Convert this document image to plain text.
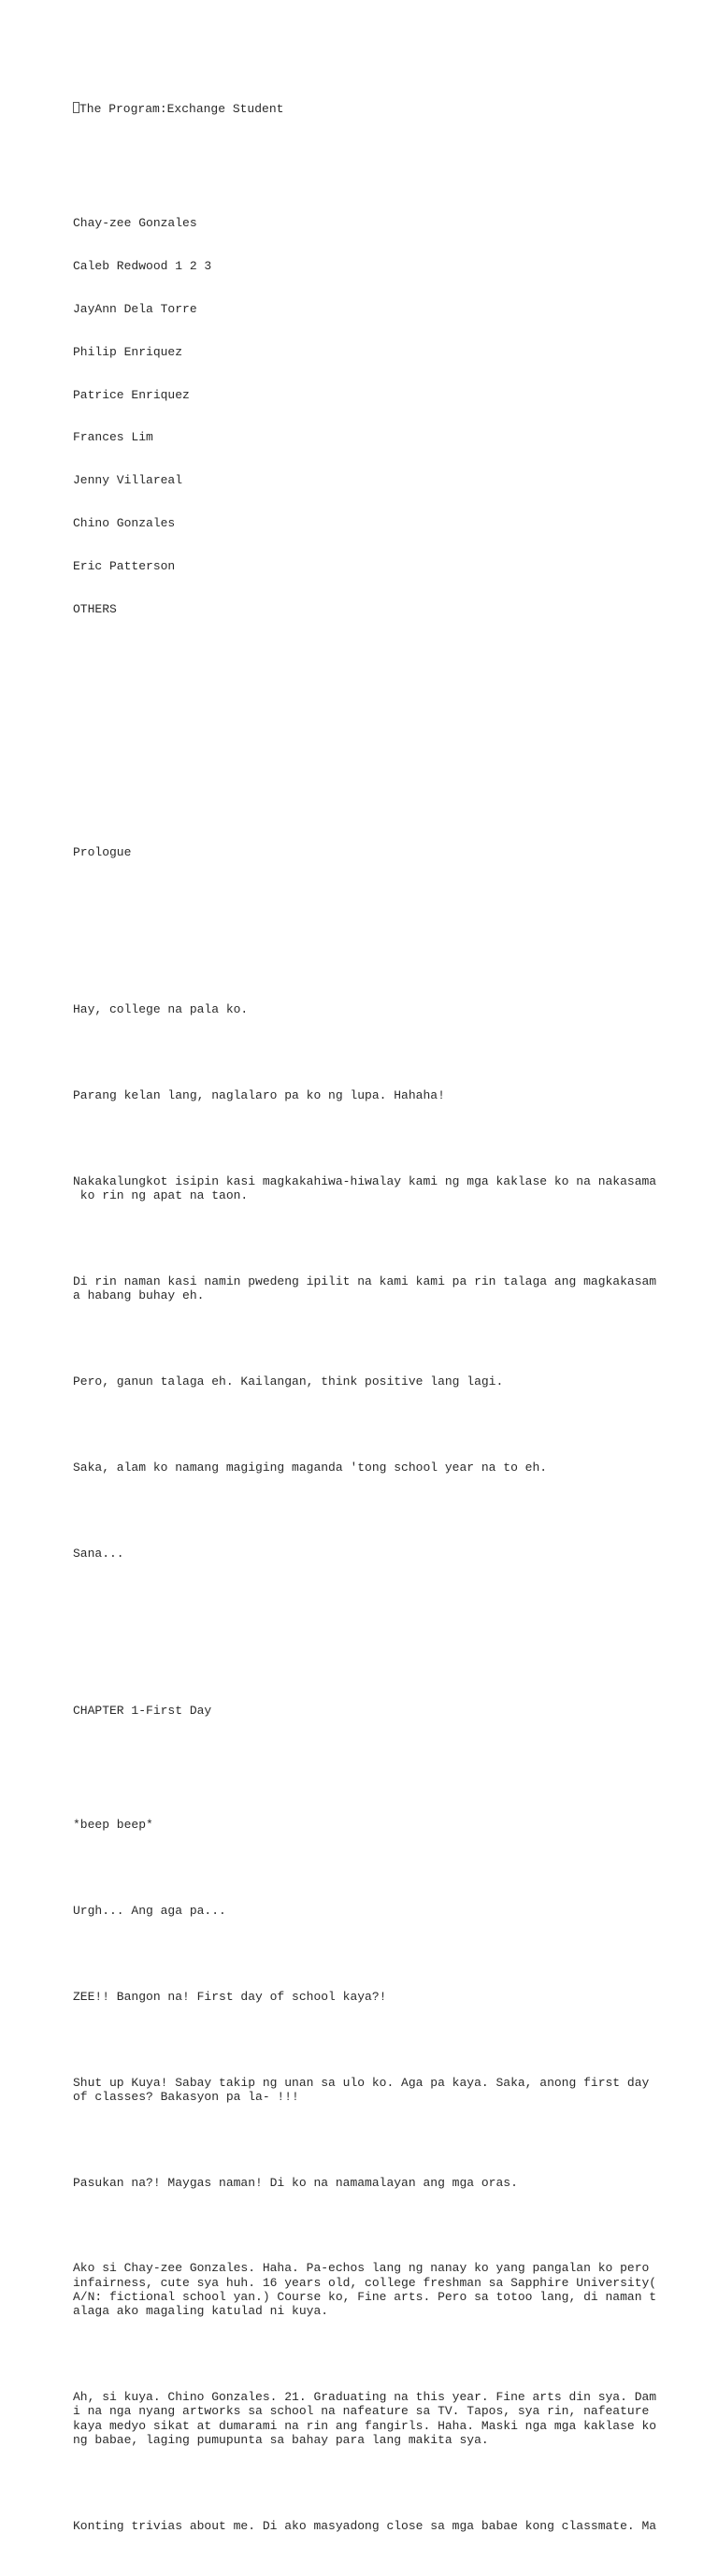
The Program:Exchange Student

Chay-zee Gonzales

Caleb Redwood 1 2 3

JayAnn Dela Torre

Philip Enriquez

Patrice Enriquez

Frances Lim

Jenny Villareal

Chino Gonzales

Eric Patterson

OTHERS

Prologue

Hay, college na pala ko.

Parang kelan lang, naglalaro pa ko ng lupa. Hahaha!

Nakakalungkot isipin kasi magkakahiwa-hiwalay kami ng mga kaklase ko na nakasama
ko rin ng apat na taon.

Di rin naman kasi namin pwedeng ipilit na kami kami pa rin talaga ang magkakasam
a habang buhay eh.

Pero, ganun talaga eh. Kailangan, think positive lang lagi.

Saka, alam ko namang magiging maganda 'tong school year na to eh.

Sana...

CHAPTER 1-First Day

*beep beep*

Urgh... Ang aga pa...

ZEE!! Bangon na! First day of school kaya?!

Shut up Kuya! Sabay takip ng unan sa ulo ko. Aga pa kaya. Saka, anong first day
of classes? Bakasyon pa la- !!!

Pasukan na?! Maygas naman! Di ko na namamalayan ang mga oras.

Ako si Chay-zee Gonzales. Haha. Pa-echos lang ng nanay ko yang pangalan ko pero
infairness, cute sya huh. 16 years old, college freshman sa Sapphire University(
A/N: fictional school yan.) Course ko, Fine arts. Pero sa totoo lang, di naman t
alaga ako magaling katulad ni kuya.

Ah, si kuya. Chino Gonzales. 21. Graduating na this year. Fine arts din sya. Dam
i na nga nyang artworks sa school na nafeature sa TV. Tapos, sya rin, nafeature
kaya medyo sikat at dumarami na rin ang fangirls. Haha. Maski nga mga kaklase ko
ng babae, laging pumupunta sa bahay para lang makita sya.

Konting trivias about me. Di ako masyadong close sa mga babae kong classmate. Ma
